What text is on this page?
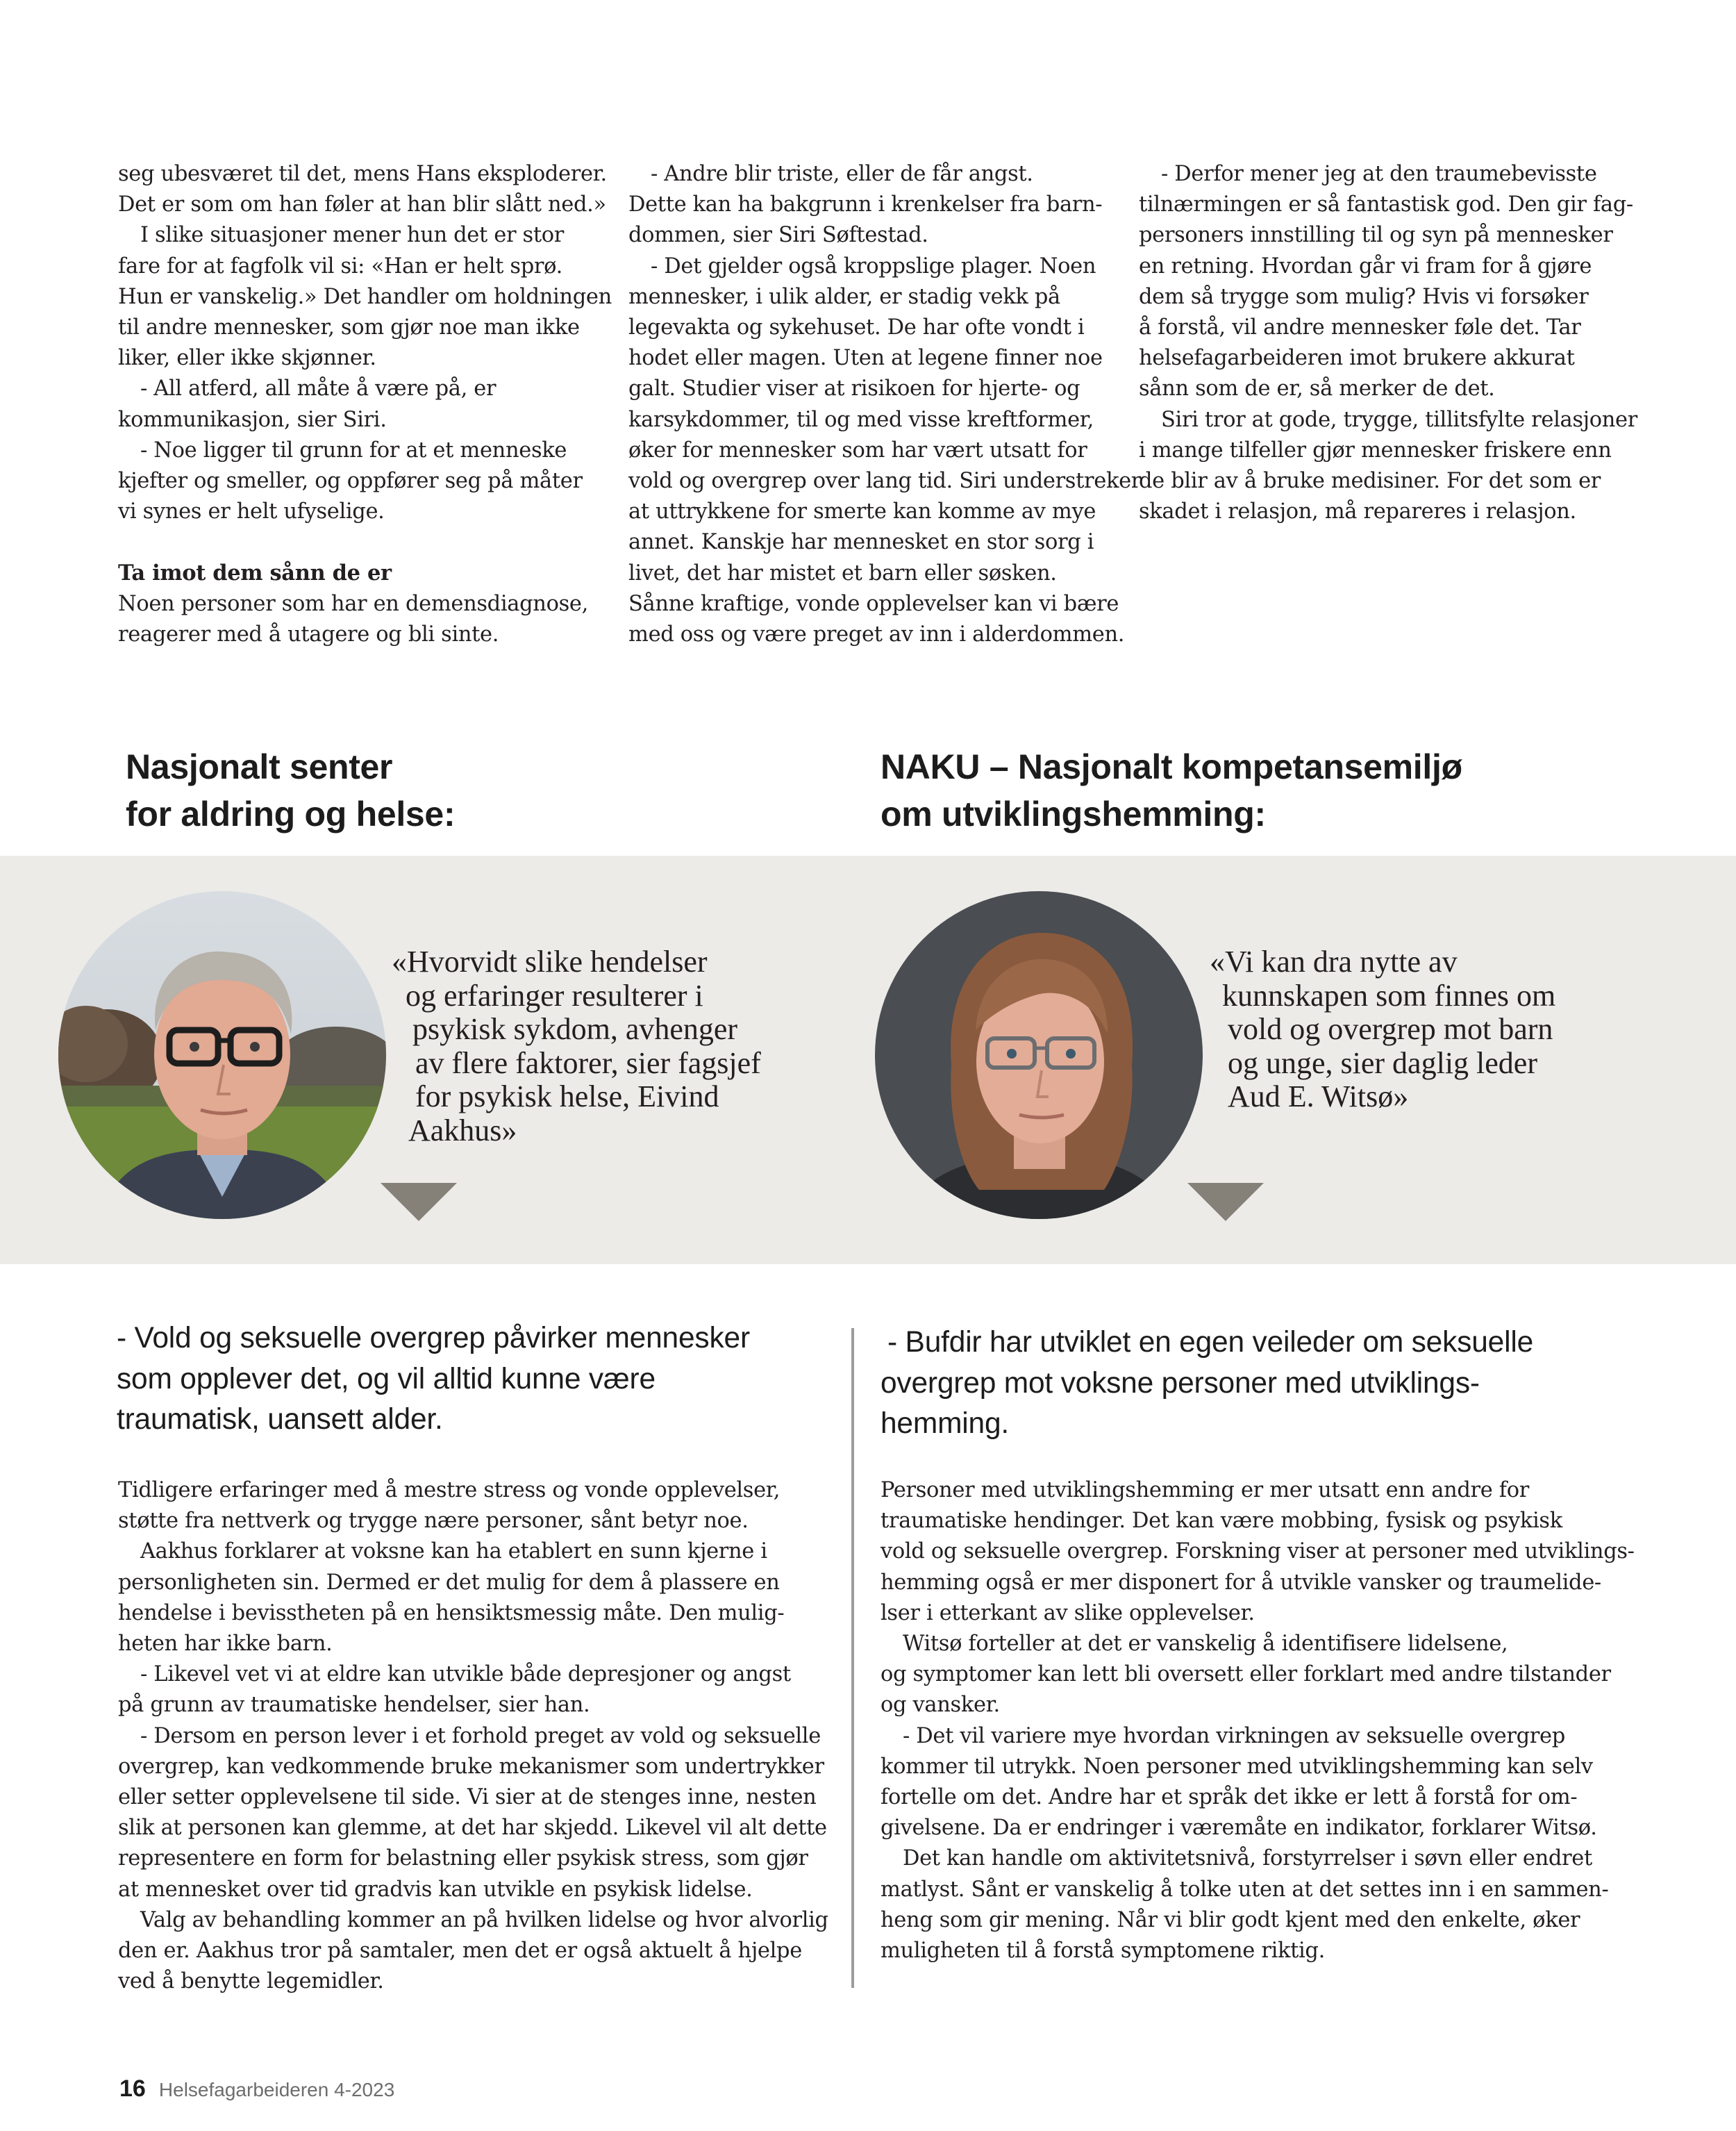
seg ubesværet til det, mens Hans eksploderer.

Det er som om han føler at han blir slått ned.»

I slike situasjoner mener hun det er stor

fare for at fagfolk vil si: «Han er helt sprø.

Hun er vanskelig.» Det handler om holdningen

til andre mennesker, som gjør noe man ikke

liker, eller ikke skjønner.

- All atferd, all måte å være på, er

kommunikasjon, sier Siri.

- Noe ligger til grunn for at et menneske

kjefter og smeller, og oppfører seg på måter

vi synes er helt ufyselige.

Ta imot dem sånn de er

Noen personer som har en demensdiagnose,

reagerer med å utagere og bli sinte.

- Andre blir triste, eller de får angst.

Dette kan ha bakgrunn i krenkelser fra barn-

dommen, sier Siri Søftestad.

- Det gjelder også kroppslige plager. Noen

mennesker, i ulik alder, er stadig vekk på

legevakta og sykehuset. De har ofte vondt i

hodet eller magen. Uten at legene finner noe

galt. Studier viser at risikoen for hjerte- og

karsykdommer, til og med visse kreftformer,

øker for mennesker som har vært utsatt for

vold og overgrep over lang tid. Siri understreker

at uttrykkene for smerte kan komme av mye

annet. Kanskje har mennesket en stor sorg i

livet, det har mistet et barn eller søsken.

Sånne kraftige, vonde opplevelser kan vi bære

med oss og være preget av inn i alderdommen.

- Derfor mener jeg at den traumebevisste

tilnærmingen er så fantastisk god. Den gir fag-

personers innstilling til og syn på mennesker

en retning. Hvordan går vi fram for å gjøre

dem så trygge som mulig? Hvis vi forsøker

å forstå, vil andre mennesker føle det. Tar

helsefagarbeideren imot brukere akkurat

sånn som de er, så merker de det.

Siri tror at gode, trygge, tillitsfylte relasjoner

i mange tilfeller gjør mennesker friskere enn

de blir av å bruke medisiner. For det som er

skadet i relasjon, må repareres i relasjon.

Nasjonalt senter
for aldring og helse:
NAKU – Nasjonalt kompetansemiljø
om utviklingshemming:
«Hvorvidt slike hendelser
og erfaringer resulterer i
psykisk sykdom, avhenger
av flere faktorer, sier fagsjef
for psykisk helse, Eivind
Aakhus»
«Vi kan dra nytte av
kunnskapen som finnes om
vold og overgrep mot barn
og unge, sier daglig leder
Aud E. Witsø»
- Vold og seksuelle overgrep påvirker mennesker
som opplever det, og vil alltid kunne være
traumatisk, uansett alder.
- Bufdir har utviklet en egen veileder om seksuelle
overgrep mot voksne personer med utviklings-
hemming.

Tidligere erfaringer med å mestre stress og vonde opplevelser,

støtte fra nettverk og trygge nære personer, sånt betyr noe.

Aakhus forklarer at voksne kan ha etablert en sunn kjerne i

personligheten sin. Dermed er det mulig for dem å plassere en

hendelse i bevisstheten på en hensiktsmessig måte. Den mulig-

heten har ikke barn.

- Likevel vet vi at eldre kan utvikle både depresjoner og angst

på grunn av traumatiske hendelser, sier han.

- Dersom en person lever i et forhold preget av vold og seksuelle

overgrep, kan vedkommende bruke mekanismer som undertrykker

eller setter opplevelsene til side. Vi sier at de stenges inne, nesten

slik at personen kan glemme, at det har skjedd. Likevel vil alt dette

representere en form for belastning eller psykisk stress, som gjør

at mennesket over tid gradvis kan utvikle en psykisk lidelse.

Valg av behandling kommer an på hvilken lidelse og hvor alvorlig

den er. Aakhus tror på samtaler, men det er også aktuelt å hjelpe

ved å benytte legemidler.

Personer med utviklingshemming er mer utsatt enn andre for

traumatiske hendinger. Det kan være mobbing, fysisk og psykisk

vold og seksuelle overgrep. Forskning viser at personer med utviklings-

hemming også er mer disponert for å utvikle vansker og traumelide-

lser i etterkant av slike opplevelser.

Witsø forteller at det er vanskelig å identifisere lidelsene,

og symptomer kan lett bli oversett eller forklart med andre tilstander

og vansker.

- Det vil variere mye hvordan virkningen av seksuelle overgrep

kommer til utrykk. Noen personer med utviklingshemming kan selv

fortelle om det. Andre har et språk det ikke er lett å forstå for om-

givelsene. Da er endringer i væremåte en indikator, forklarer Witsø.

Det kan handle om aktivitetsnivå, forstyrrelser i søvn eller endret

matlyst. Sånt er vanskelig å tolke uten at det settes inn i en sammen-

heng som gir mening. Når vi blir godt kjent med den enkelte, øker

muligheten til å forstå symptomene riktig.

16 Helsefagarbeideren 4-2023
